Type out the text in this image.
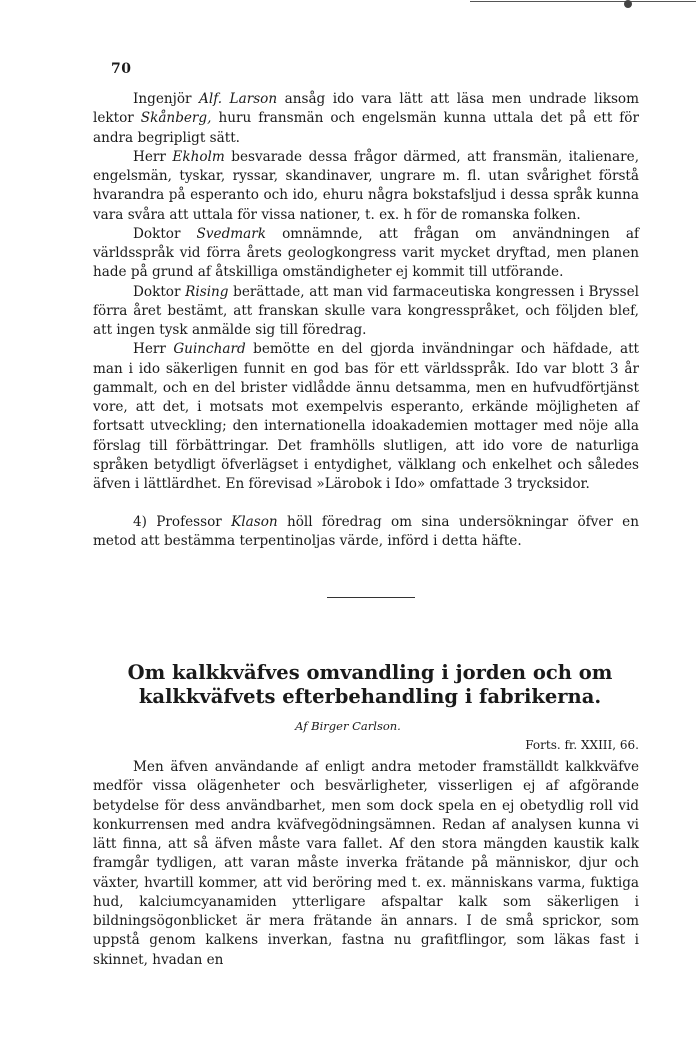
70

Ingenjör Alf. Larson ansåg ido vara lätt att läsa men undrade liksom lektor Skånberg, huru fransmän och engelsmän kunna uttala det på ett för andra begripligt sätt.

Herr Ekholm besvarade dessa frågor därmed, att fransmän, italienare, engelsmän, tyskar, ryssar, skandinaver, ungrare m. fl. utan svårighet förstå hvarandra på esperanto och ido, ehuru några bokstafsljud i dessa språk kunna vara svåra att uttala för vissa nationer, t. ex. h för de romanska folken.

Doktor Svedmark omnämnde, att frågan om användningen af världsspråk vid förra årets geologkongress varit mycket dryftad, men planen hade på grund af åtskilliga omständigheter ej kommit till utförande.

Doktor Rising berättade, att man vid farmaceutiska kongressen i Bryssel förra året bestämt, att franskan skulle vara kongresspråket, och följden blef, att ingen tysk anmälde sig till föredrag.

Herr Guinchard bemötte en del gjorda invändningar och häfdade, att man i ido säkerligen funnit en god bas för ett världsspråk. Ido var blott 3 år gammalt, och en del brister vidlådde ännu detsamma, men en hufvudförtjänst vore, att det, i motsats mot exempelvis esperanto, erkände möjligheten af fortsatt utveckling; den internationella idoakademien mottager med nöje alla förslag till förbättringar. Det framhölls slutligen, att ido vore de naturliga språken betydligt öfverlägset i entydighet, välklang och enkelhet och således äfven i lättlärdhet. En förevisad »Lärobok i Ido» omfattade 3 trycksidor.

4) Professor Klason höll föredrag om sina undersökningar öfver en metod att bestämma terpentinoljas värde, införd i detta häfte.

Om kalkkväfves omvandling i jorden och om
kalkkväfvets efterbehandling i fabrikerna.

Af Birger Carlson.

Forts. fr. XXIII, 66.

Men äfven användande af enligt andra metoder framställdt kalkkväfve medför vissa olägenheter och besvärligheter, visserligen ej af afgörande betydelse för dess användbarhet, men som dock spela en ej obetydlig roll vid konkurrensen med andra kväfvegödningsämnen. Redan af analysen kunna vi lätt finna, att så äfven måste vara fallet. Af den stora mängden kaustik kalk framgår tydligen, att varan måste inverka frätande på människor, djur och växter, hvartill kommer, att vid beröring med t. ex. människans varma, fuktiga hud, kalciumcyanamiden ytterligare afspaltar kalk som säkerligen i bildningsögonblicket är mera frätande än annars. I de små sprickor, som uppstå genom kalkens inverkan, fastna nu grafitflingor, som läkas fast i skinnet, hvadan en
